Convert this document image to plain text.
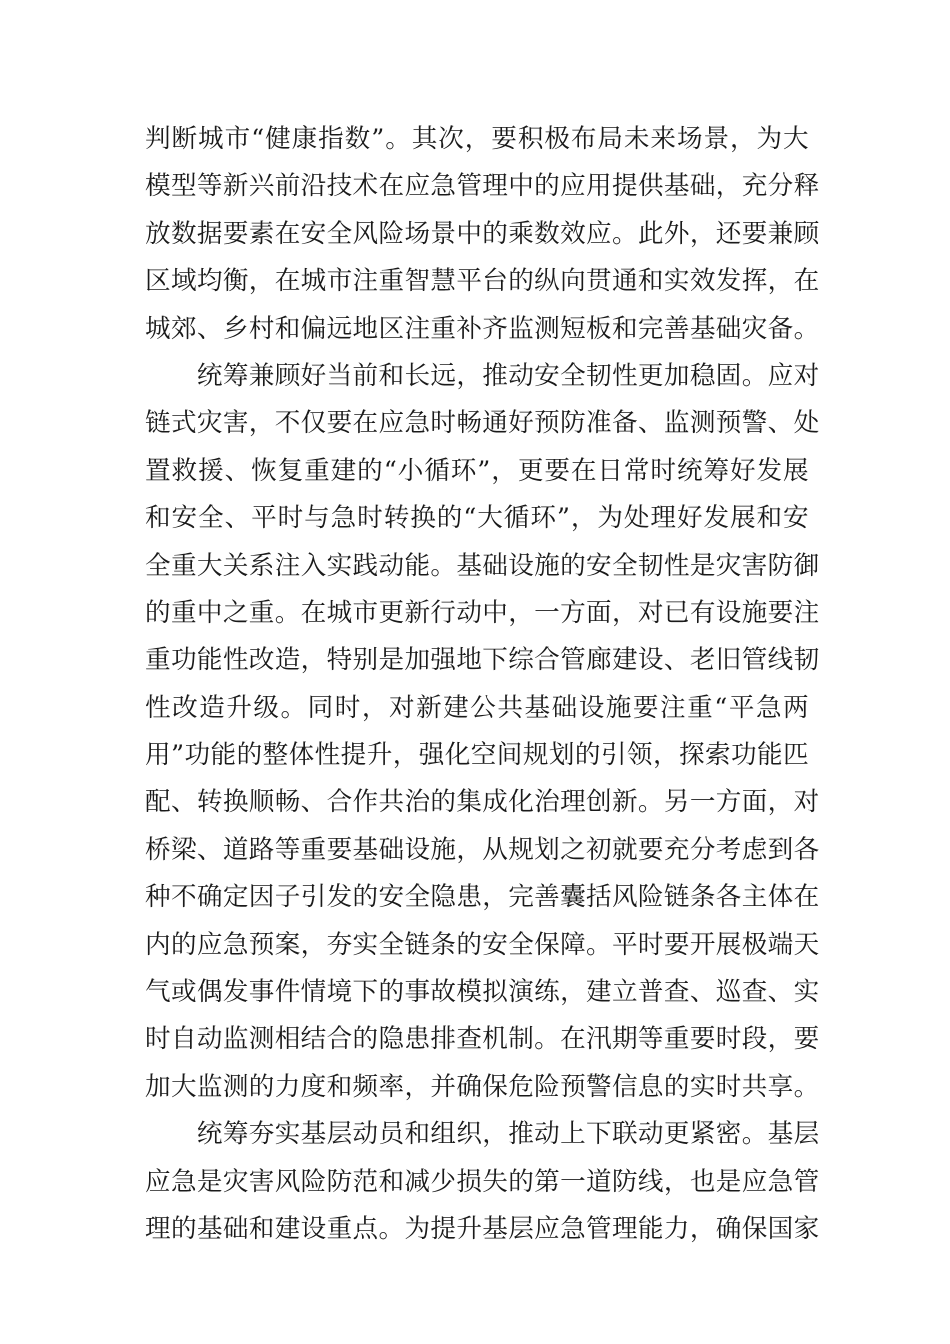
判断城市“健康指数”。其次，要积极布局未来场景，为大
模型等新兴前沿技术在应急管理中的应用提供基础，充分释
放数据要素在安全风险场景中的乘数效应。此外，还要兼顾
区域均衡，在城市注重智慧平台的纵向贯通和实效发挥，在
城郊、乡村和偏远地区注重补齐监测短板和完善基础灾备。
　　统筹兼顾好当前和长远，推动安全韧性更加稳固。应对
链式灾害，不仅要在应急时畅通好预防准备、监测预警、处
置救援、恢复重建的“小循环”，更要在日常时统筹好发展
和安全、平时与急时转换的“大循环”，为处理好发展和安
全重大关系注入实践动能。基础设施的安全韧性是灾害防御
的重中之重。在城市更新行动中，一方面，对已有设施要注
重功能性改造，特别是加强地下综合管廊建设、老旧管线韧
性改造升级。同时，对新建公共基础设施要注重“平急两
用”功能的整体性提升，强化空间规划的引领，探索功能匹
配、转换顺畅、合作共治的集成化治理创新。另一方面，对
桥梁、道路等重要基础设施，从规划之初就要充分考虑到各
种不确定因子引发的安全隐患，完善囊括风险链条各主体在
内的应急预案，夯实全链条的安全保障。平时要开展极端天
气或偶发事件情境下的事故模拟演练，建立普查、巡查、实
时自动监测相结合的隐患排查机制。在汛期等重要时段，要
加大监测的力度和频率，并确保危险预警信息的实时共享。
　　统筹夯实基层动员和组织，推动上下联动更紧密。基层
应急是灾害风险防范和减少损失的第一道防线，也是应急管
理的基础和建设重点。为提升基层应急管理能力，确保国家
